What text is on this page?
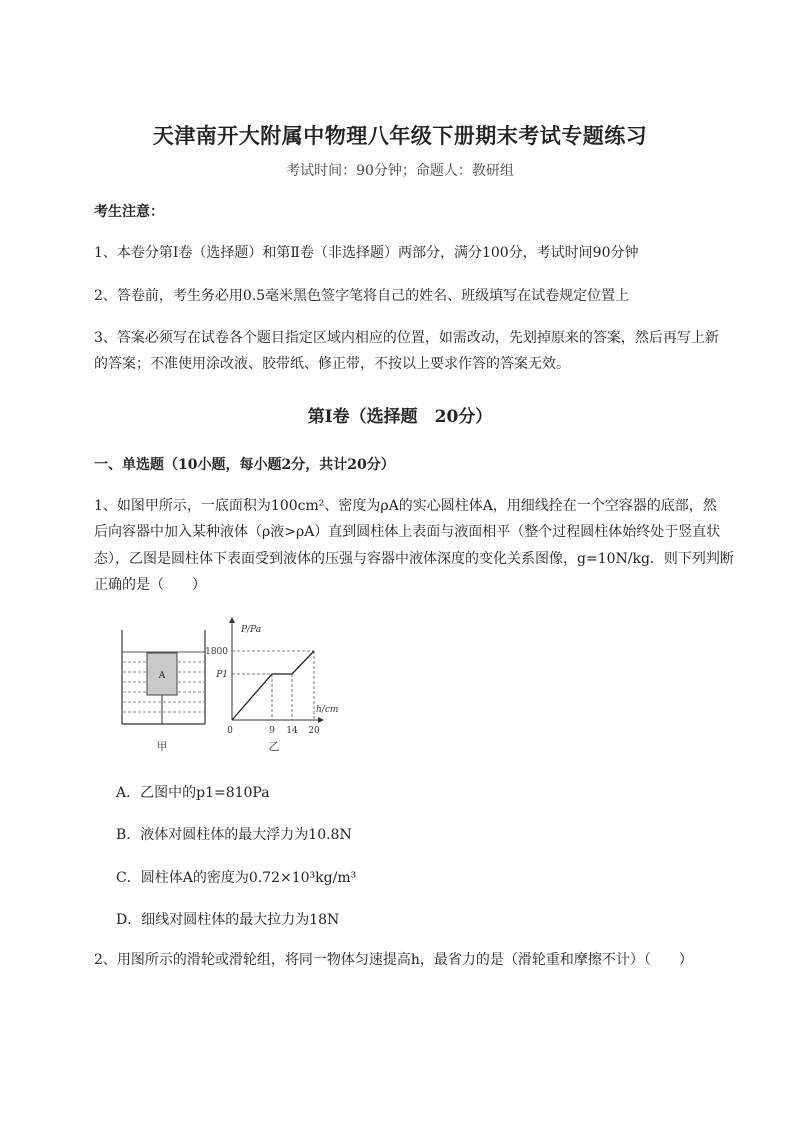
天津南开大附属中物理八年级下册期末考试专题练习
考试时间：90分钟；命题人：教研组
考生注意：
1、本卷分第I卷（选择题）和第Ⅱ卷（非选择题）两部分，满分100分，考试时间90分钟
2、答卷前，考生务必用0.5毫米黑色签字笔将自己的姓名、班级填写在试卷规定位置上
3、答案必须写在试卷各个题目指定区域内相应的位置，如需改动，先划掉原来的答案，然后再写上新
的答案；不准使用涂改液、胶带纸、修正带，不按以上要求作答的答案无效。
第I卷（选择题　20分）
一、单选题（10小题，每小题2分，共计20分）
1、如图甲所示，一底面积为100cm²、密度为ρA的实心圆柱体A，用细线拴在一个空容器的底部，然
后向容器中加入某种液体（ρ液>ρA）直到圆柱体上表面与液面相平（整个过程圆柱体始终处于竖直状
态），乙图是圆柱体下表面受到液体的压强与容器中液体深度的变化关系图像，g=10N/kg．则下列判断
正确的是（　　）
A
甲
P/Pa
h/cm
1800
P1
0	9 14 20
乙
A．乙图中的p1=810Pa
B．液体对圆柱体的最大浮力为10.8N
C．圆柱体A的密度为0.72×10³kg/m³
D．细线对圆柱体的最大拉力为18N
2、用图所示的滑轮或滑轮组，将同一物体匀速提高h，最省力的是（滑轮重和摩擦不计）（　　）
